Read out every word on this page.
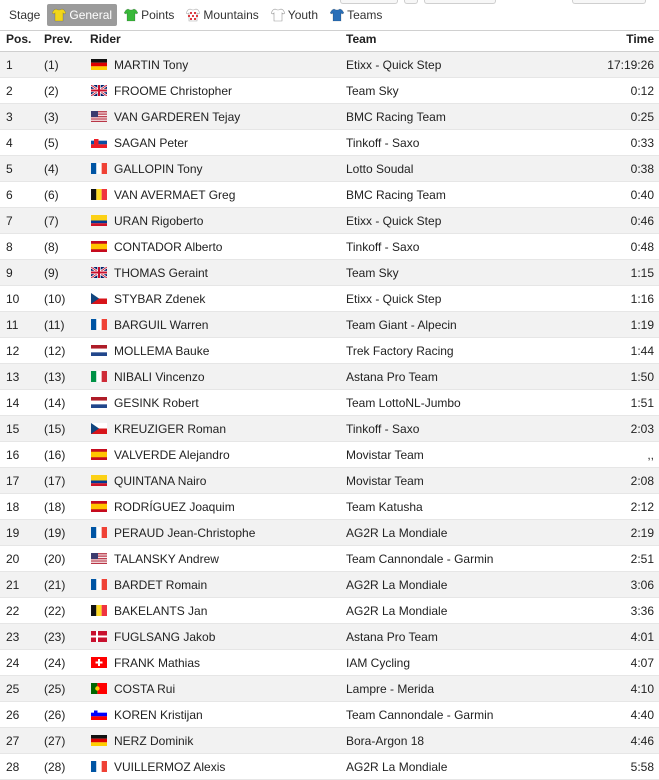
Stage General Points Mountains Youth Teams
Pos.	Prev.	Rider	Team	Time
1	(1)	MARTIN Tony	Etixx - Quick Step	17:19:26
2	(2)	FROOME Christopher	Team Sky	0:12
3	(3)	VAN GARDEREN Tejay	BMC Racing Team	0:25
4	(5)	SAGAN Peter	Tinkoff - Saxo	0:33
5	(4)	GALLOPIN Tony	Lotto Soudal	0:38
6	(6)	VAN AVERMAET Greg	BMC Racing Team	0:40
7	(7)	URAN Rigoberto	Etixx - Quick Step	0:46
8	(8)	CONTADOR Alberto	Tinkoff - Saxo	0:48
9	(9)	THOMAS Geraint	Team Sky	1:15
10	(10)	STYBAR Zdenek	Etixx - Quick Step	1:16
11	(11)	BARGUIL Warren	Team Giant - Alpecin	1:19
12	(12)	MOLLEMA Bauke	Trek Factory Racing	1:44
13	(13)	NIBALI Vincenzo	Astana Pro Team	1:50
14	(14)	GESINK Robert	Team LottoNL-Jumbo	1:51
15	(15)	KREUZIGER Roman	Tinkoff - Saxo	2:03
16	(16)	VALVERDE Alejandro	Movistar Team	,,
17	(17)	QUINTANA Nairo	Movistar Team	2:08
18	(18)	RODRÍGUEZ Joaquim	Team Katusha	2:12
19	(19)	PERAUD Jean-Christophe	AG2R La Mondiale	2:19
20	(20)	TALANSKY Andrew	Team Cannondale - Garmin	2:51
21	(21)	BARDET Romain	AG2R La Mondiale	3:06
22	(22)	BAKELANTS Jan	AG2R La Mondiale	3:36
23	(23)	FUGLSANG Jakob	Astana Pro Team	4:01
24	(24)	FRANK Mathias	IAM Cycling	4:07
25	(25)	COSTA Rui	Lampre - Merida	4:10
26	(26)	KOREN Kristijan	Team Cannondale - Garmin	4:40
27	(27)	NERZ Dominik	Bora-Argon 18	4:46
28	(28)	VUILLERMOZ Alexis	AG2R La Mondiale	5:58
